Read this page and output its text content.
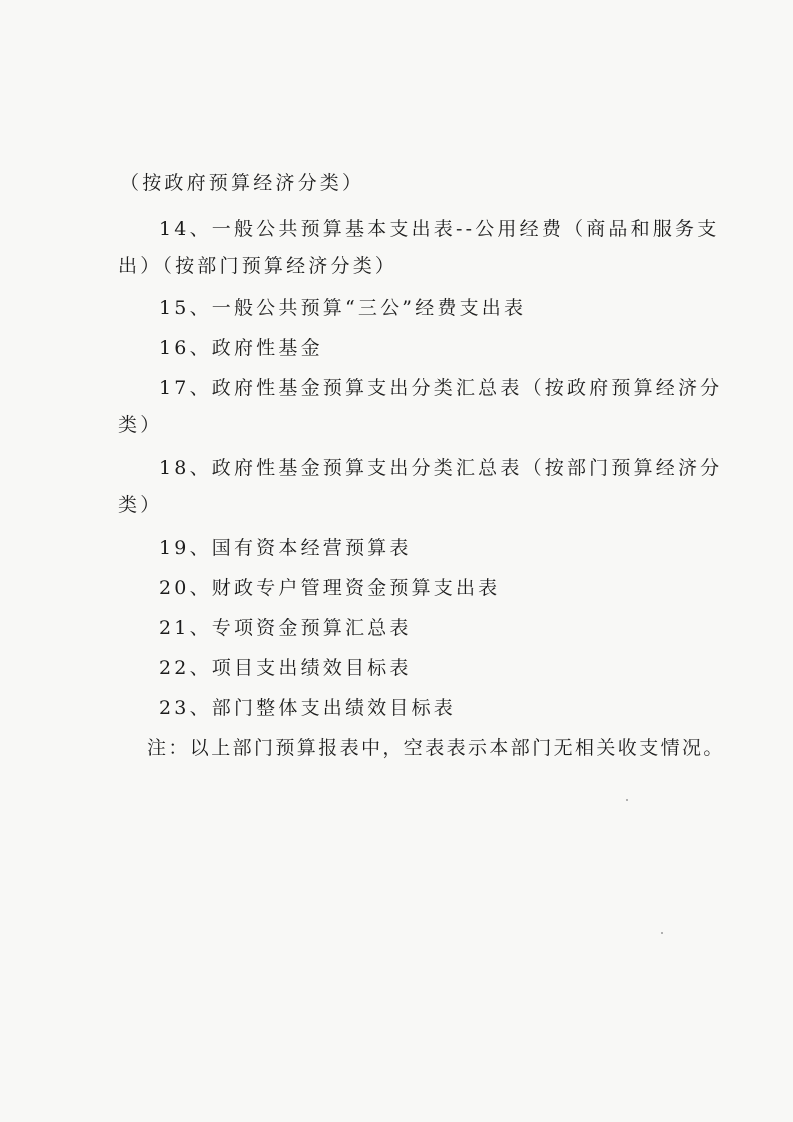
（按政府预算经济分类）
14、一般公共预算基本支出表--公用经费（商品和服务支
出）（按部门预算经济分类）
15、一般公共预算“三公”经费支出表
16、政府性基金
17、政府性基金预算支出分类汇总表（按政府预算经济分
类）
18、政府性基金预算支出分类汇总表（按部门预算经济分
类）
19、国有资本经营预算表
20、财政专户管理资金预算支出表
21、专项资金预算汇总表
22、项目支出绩效目标表
23、部门整体支出绩效目标表
注：以上部门预算报表中，空表表示本部门无相关收支情况。
